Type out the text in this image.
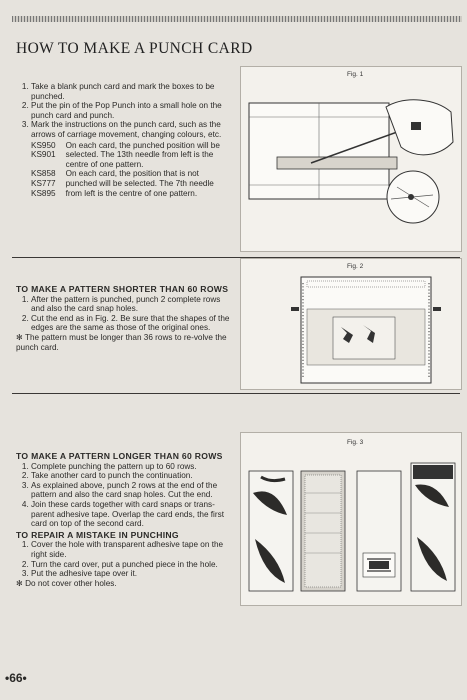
HOW TO MAKE A PUNCH CARD
1. Take a blank punch card and mark the boxes to be punched.
2. Put the pin of the Pop Punch into a small hole on the punch card and punch.
3. Mark the instructions on the punch card, such as the arrows of carriage movement, changing colours, etc.
KS950
KS901
On each card, the punched position will be selected. The 13th needle from left is the centre of one pattern.
KS858
KS777
KS895
On each card, the position that is not punched will be selected. The 7th needle from left is the centre of one pattern.
Fig. 1
TO MAKE A PATTERN SHORTER THAN 60 ROWS
1. After the pattern is punched, punch 2 complete rows and also the card snap holes.
2. Cut the end as in Fig. 2. Be sure that the shapes of the edges are the same as those of the original ones.
✻ The pattern must be longer than 36 rows to re-volve the punch card.
Fig. 2
TO MAKE A PATTERN LONGER THAN 60 ROWS
1. Complete punching the pattern up to 60 rows.
2. Take another card to punch the continuation.
3. As explained above, punch 2 rows at the end of the pattern and also the card snap holes. Cut the end.
4. Join these cards together with card snaps or trans-parent adhesive tape. Overlap the card ends, the first card on top of the second card.
TO REPAIR A MISTAKE IN PUNCHING
1. Cover the hole with transparent adhesive tape on the right side.
2. Turn the card over, put a punched piece in the hole.
3. Put the adhesive tape over it.
✻ Do not cover other holes.
Fig. 3
•66•
